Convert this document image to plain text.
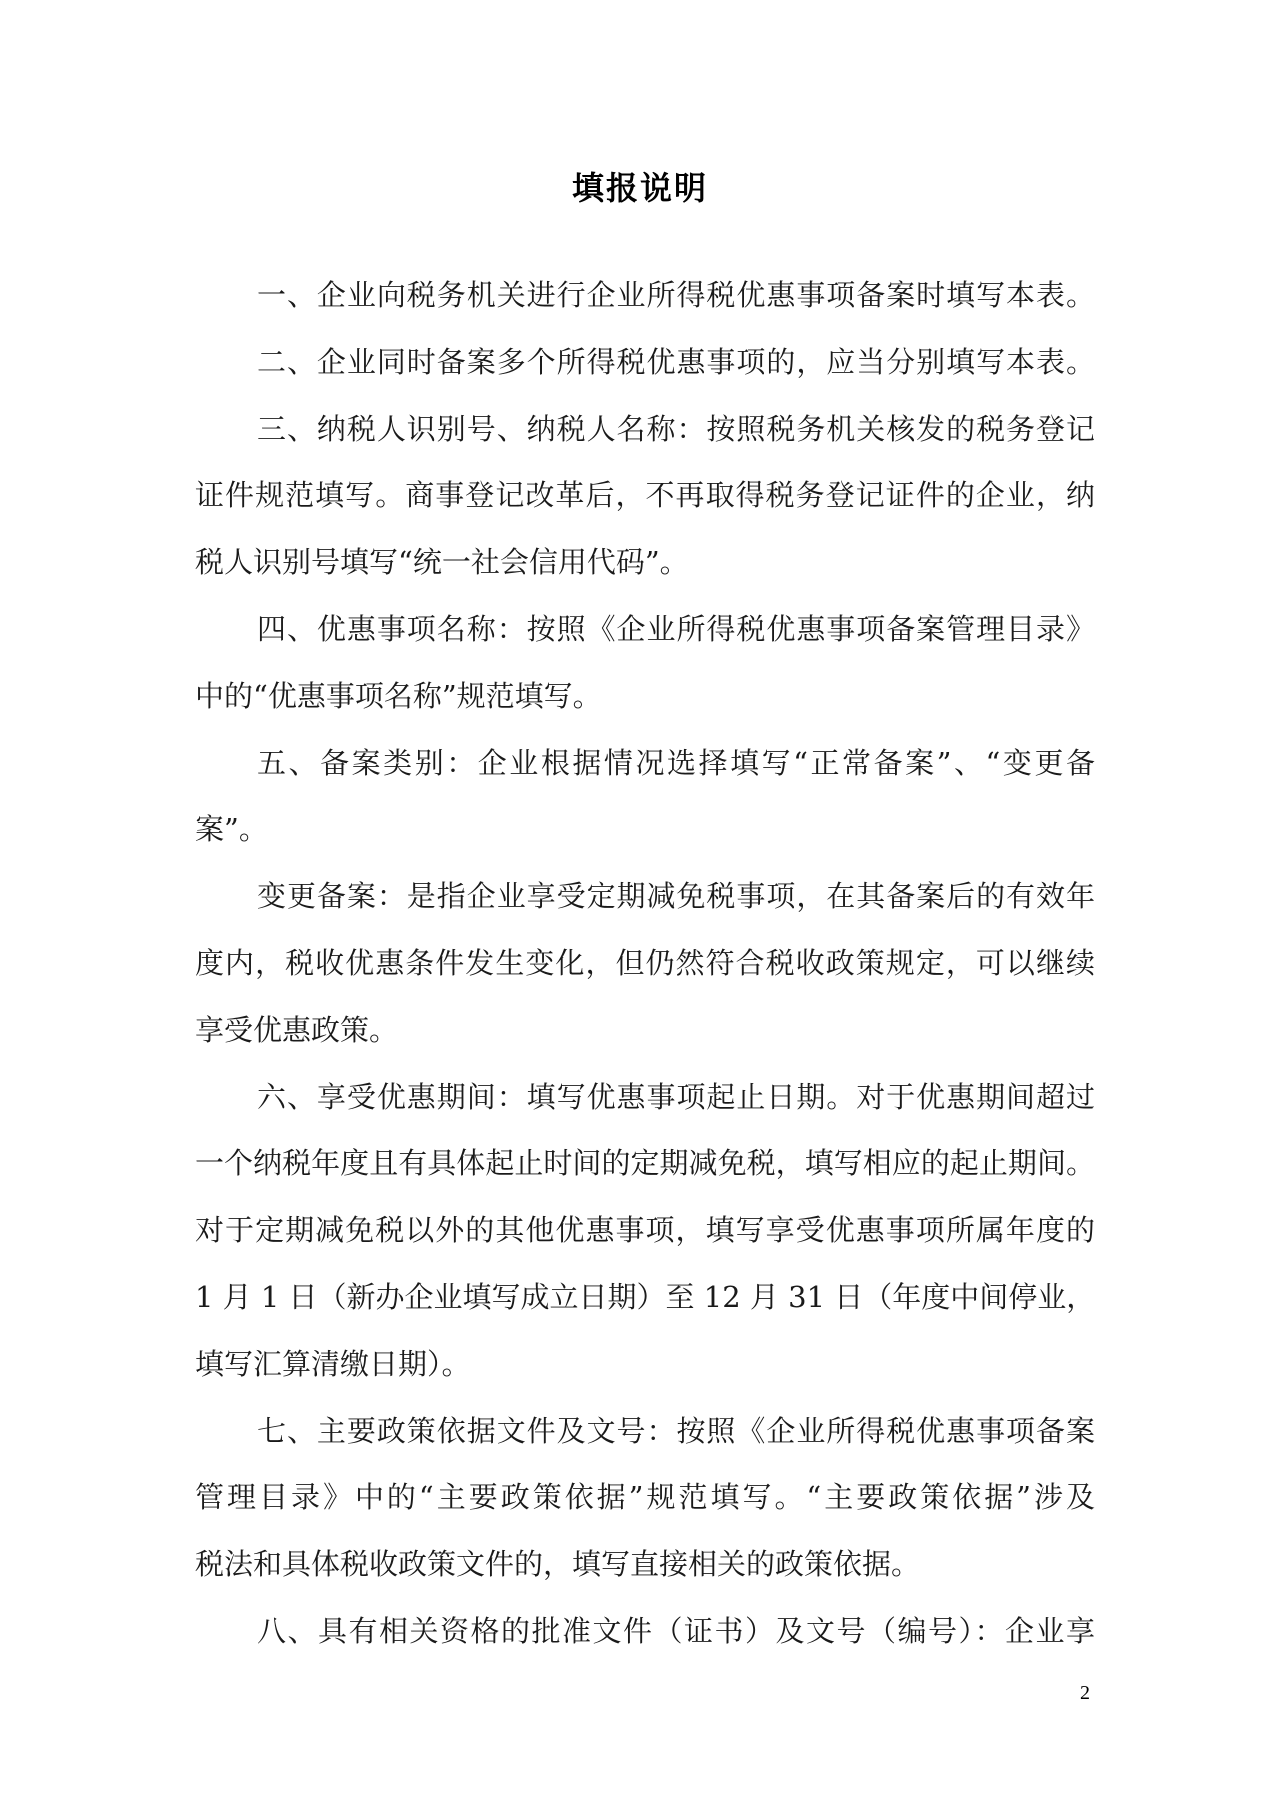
填报说明
一、企业向税务机关进行企业所得税优惠事项备案时填写本表。
二、企业同时备案多个所得税优惠事项的，应当分别填写本表。
三、纳税人识别号、纳税人名称：按照税务机关核发的税务登记
证件规范填写。商事登记改革后，不再取得税务登记证件的企业，纳
税人识别号填写“统一社会信用代码”。
四、优惠事项名称：按照《企业所得税优惠事项备案管理目录》
中的“优惠事项名称”规范填写。
五、备案类别：企业根据情况选择填写“正常备案”、“变更备
案”。
变更备案：是指企业享受定期减免税事项，在其备案后的有效年
度内，税收优惠条件发生变化，但仍然符合税收政策规定，可以继续
享受优惠政策。
六、享受优惠期间：填写优惠事项起止日期。对于优惠期间超过
一个纳税年度且有具体起止时间的定期减免税，填写相应的起止期间。
对于定期减免税以外的其他优惠事项，填写享受优惠事项所属年度的
1 月 1 日（新办企业填写成立日期）至 12 月 31 日（年度中间停业，
填写汇算清缴日期）。
七、主要政策依据文件及文号：按照《企业所得税优惠事项备案
管理目录》中的“主要政策依据”规范填写。“主要政策依据”涉及
税法和具体税收政策文件的，填写直接相关的政策依据。
八、具有相关资格的批准文件（证书）及文号（编号）：企业享
2
